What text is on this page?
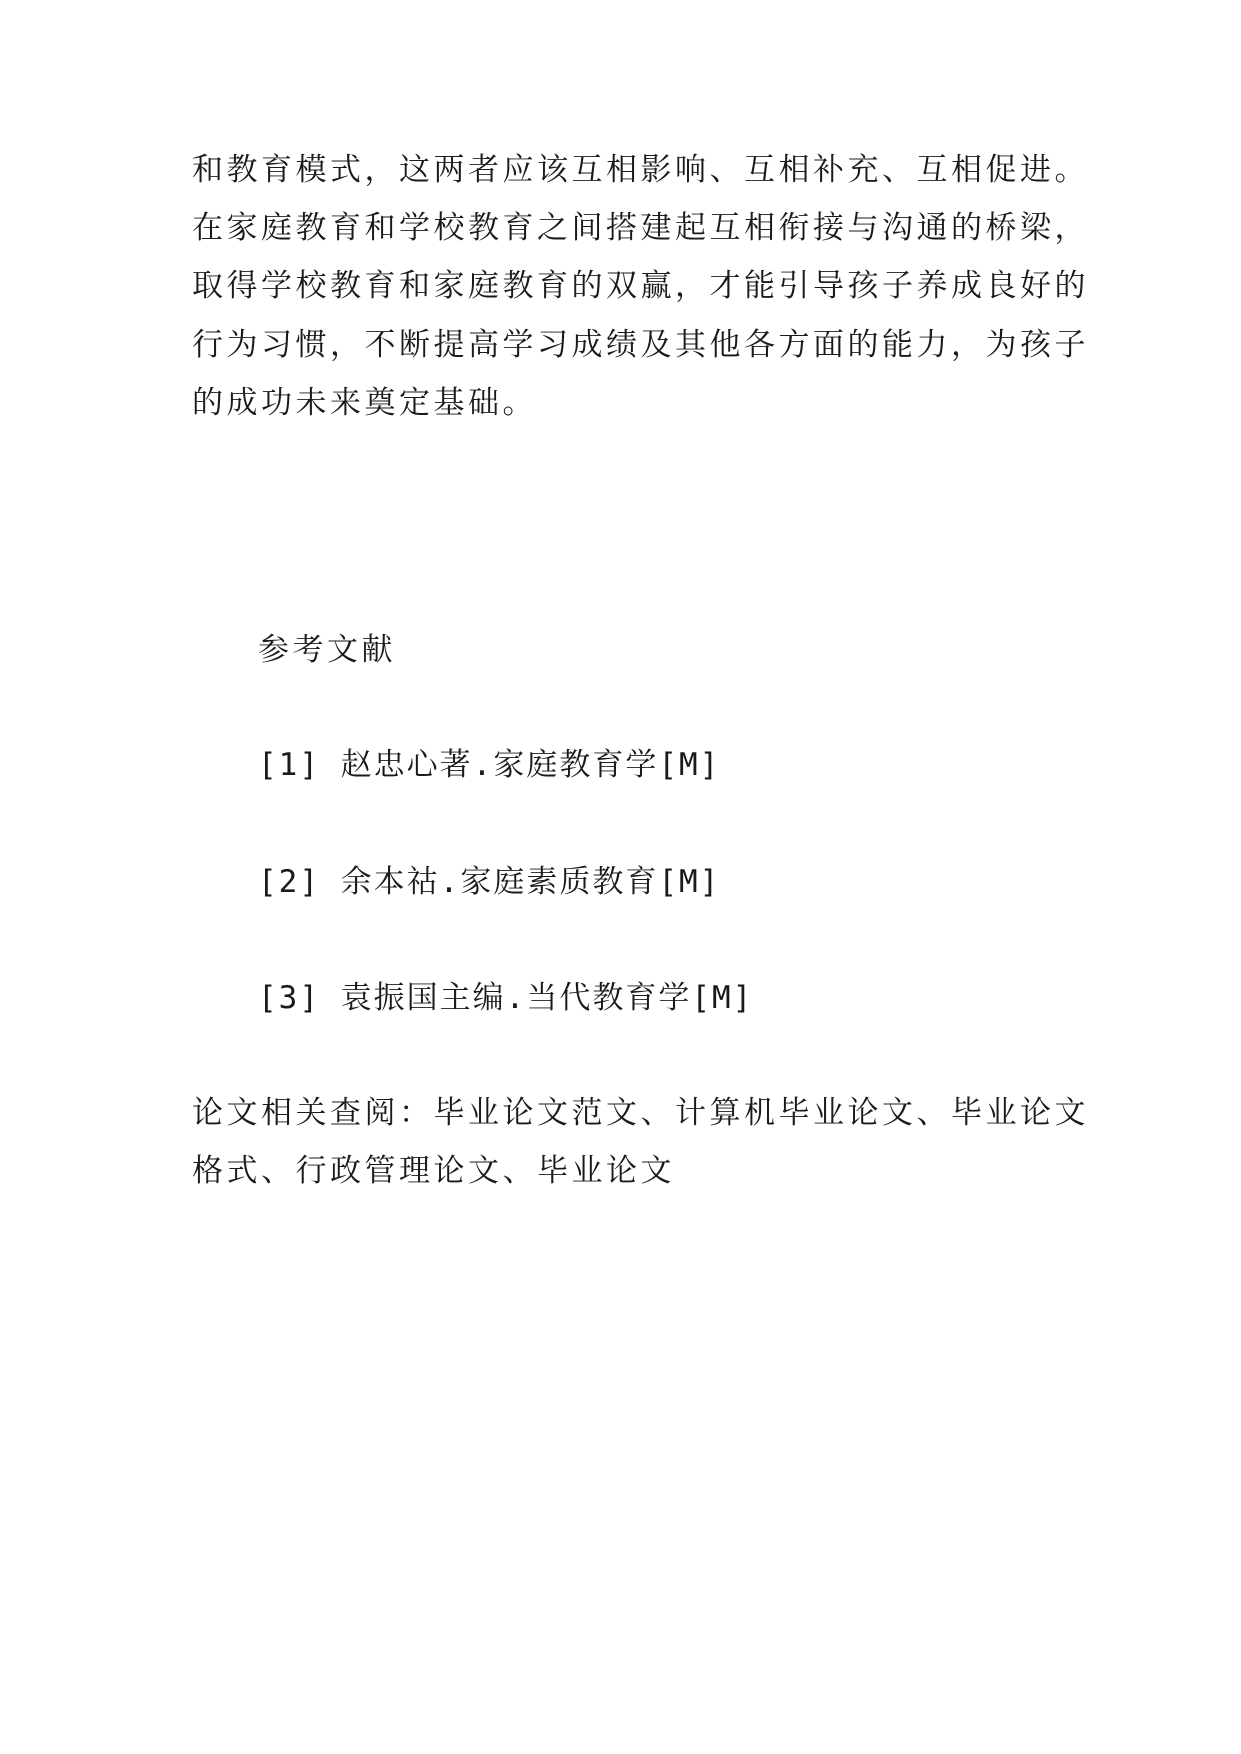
和教育模式，这两者应该互相影响、互相补充、互相促进。
在家庭教育和学校教育之间搭建起互相衔接与沟通的桥梁，
取得学校教育和家庭教育的双赢，才能引导孩子养成良好的
行为习惯，不断提高学习成绩及其他各方面的能力，为孩子
的成功未来奠定基础。
参考文献
[1] 赵忠心著.家庭教育学[M]
[2] 余本祜.家庭素质教育[M]
[3] 袁振国主编.当代教育学[M]
论文相关查阅：毕业论文范文、计算机毕业论文、毕业论文
格式、行政管理论文、毕业论文
